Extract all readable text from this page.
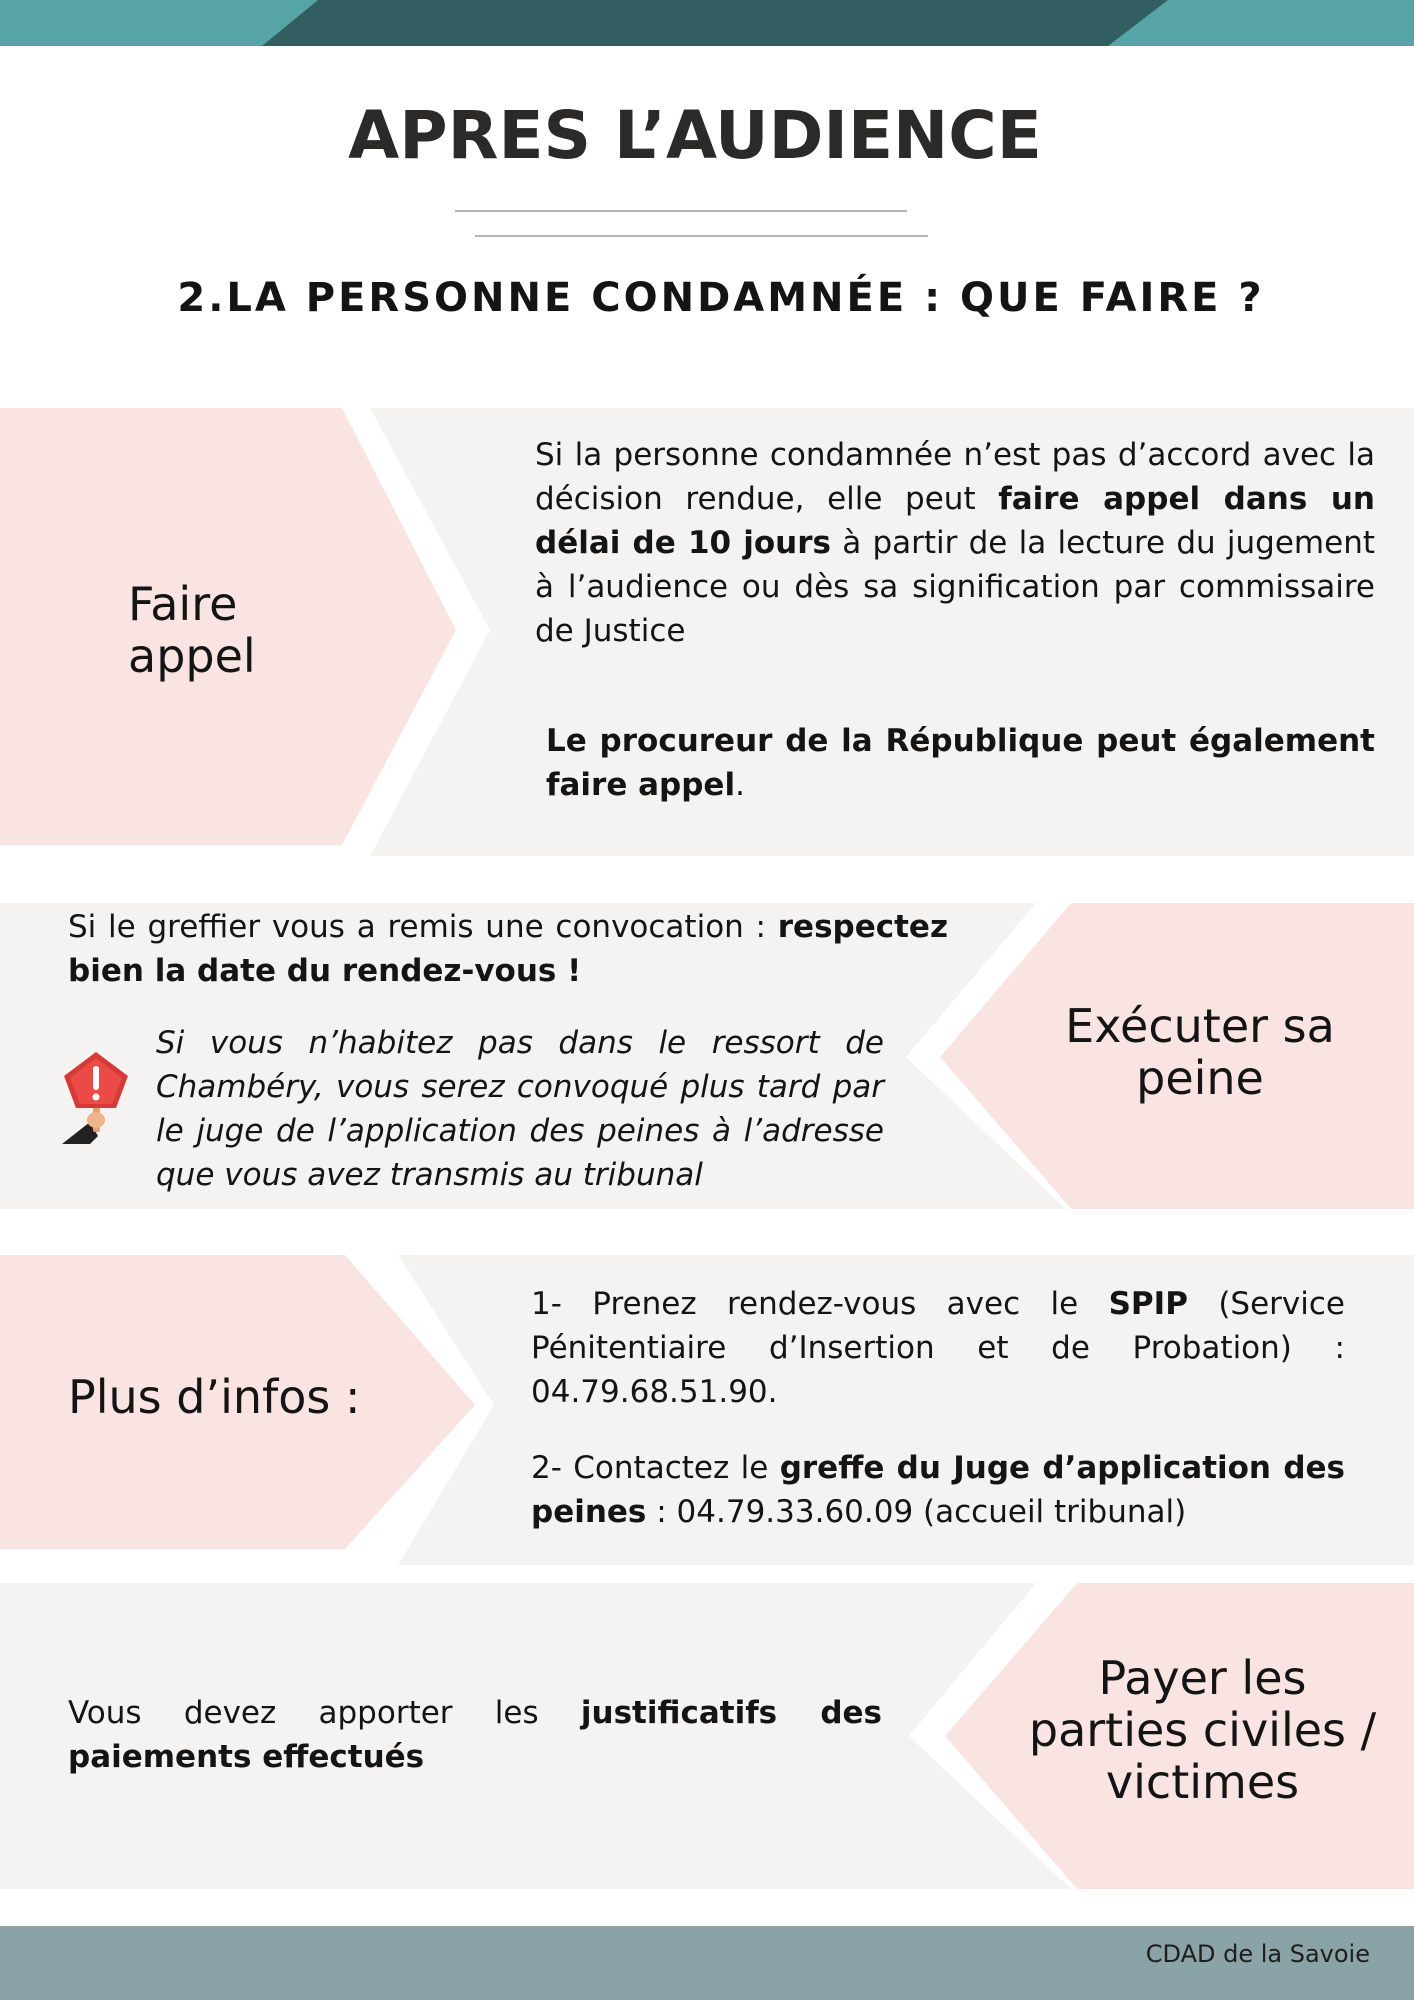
APRES L’AUDIENCE
2.LA PERSONNE CONDAMNÉE : QUE FAIRE ?
Faire
appel
Si la personne condamnée n’est pas d’accord avec la décision rendue, elle peut faire appel dans un délai de 10 jours à partir de la lecture du jugement à l’audience ou dès sa signification par commissaire de Justice
Le procureur de la République peut également faire appel.
Exécuter sa
peine
Si le greffier vous a remis une convocation : respectez bien la date du rendez-vous !
Si vous n’habitez pas dans le ressort de Chambéry, vous serez convoqué plus tard par le juge de l’application des peines à l’adresse que vous avez transmis au tribunal
Plus d’infos :
1- Prenez rendez-vous avec le SPIP (Service Pénitentiaire d’Insertion et de Probation) : 04.79.68.51.90.
2- Contactez le greffe du Juge d’application des peines : 04.79.33.60.09 (accueil tribunal)
Payer les
parties civiles /
victimes
Vous devez apporter les justificatifs des paiements effectués
CDAD de la Savoie
